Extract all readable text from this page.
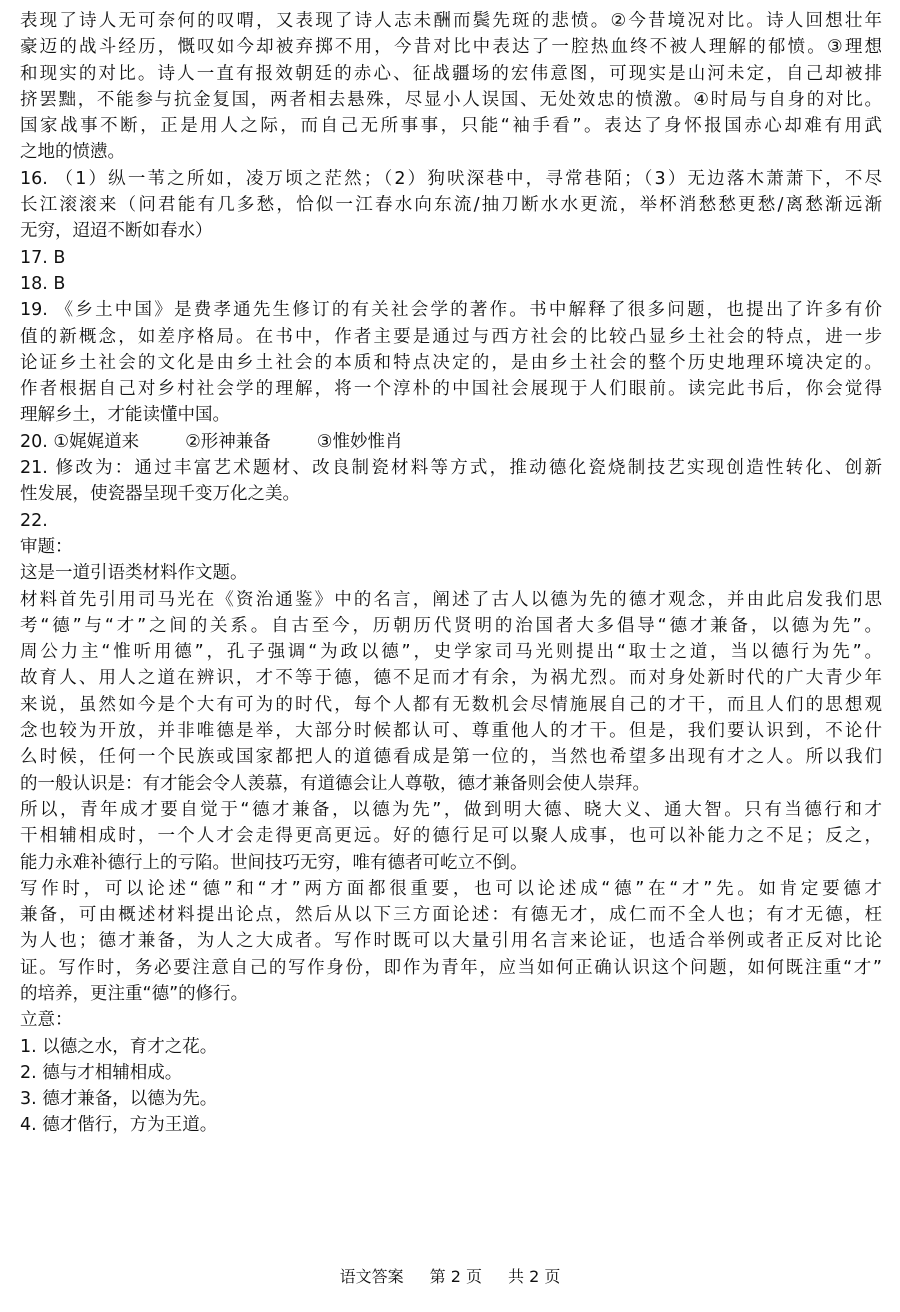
表现了诗人无可奈何的叹喟，又表现了诗人志未酬而鬓先斑的悲愤。②今昔境况对比。诗人回想壮年
豪迈的战斗经历，慨叹如今却被弃掷不用，今昔对比中表达了一腔热血终不被人理解的郁愤。③理想
和现实的对比。诗人一直有报效朝廷的赤心、征战疆场的宏伟意图，可现实是山河未定，自己却被排
挤罢黜，不能参与抗金复国，两者相去悬殊，尽显小人误国、无处效忠的愤激。④时局与自身的对比。
国家战事不断，正是用人之际，而自己无所事事，只能“袖手看”。表达了身怀报国赤心却难有用武
之地的愤懑。
16. （1）纵一苇之所如，凌万顷之茫然；（2）狗吠深巷中，寻常巷陌；（3）无边落木萧萧下，不尽
长江滚滚来（问君能有几多愁，恰似一江春水向东流/抽刀断水水更流，举杯消愁愁更愁/离愁渐远渐
无穷，迢迢不断如春水）
17. B
18. B
19. 《乡土中国》是费孝通先生修订的有关社会学的著作。书中解释了很多问题，也提出了许多有价
值的新概念，如差序格局。在书中，作者主要是通过与西方社会的比较凸显乡土社会的特点，进一步
论证乡土社会的文化是由乡土社会的本质和特点决定的，是由乡土社会的整个历史地理环境决定的。
作者根据自己对乡村社会学的理解，将一个淳朴的中国社会展现于人们眼前。读完此书后，你会觉得
理解乡土，才能读懂中国。
20. ①娓娓道来	②形神兼备	③惟妙惟肖
21. 修改为：通过丰富艺术题材、改良制瓷材料等方式，推动德化瓷烧制技艺实现创造性转化、创新
性发展，使瓷器呈现千变万化之美。
22.
审题：
这是一道引语类材料作文题。
材料首先引用司马光在《资治通鉴》中的名言，阐述了古人以德为先的德才观念，并由此启发我们思
考“德”与“才”之间的关系。自古至今，历朝历代贤明的治国者大多倡导“德才兼备，以德为先”。
周公力主“惟听用德”，孔子强调“为政以德”，史学家司马光则提出“取士之道，当以德行为先”。
故育人、用人之道在辨识，才不等于德，德不足而才有余，为祸尤烈。而对身处新时代的广大青少年
来说，虽然如今是个大有可为的时代，每个人都有无数机会尽情施展自己的才干，而且人们的思想观
念也较为开放，并非唯德是举，大部分时候都认可、尊重他人的才干。但是，我们要认识到，不论什
么时候，任何一个民族或国家都把人的道德看成是第一位的，当然也希望多出现有才之人。所以我们
的一般认识是：有才能会令人羡慕，有道德会让人尊敬，德才兼备则会使人崇拜。
所以，青年成才要自觉于“德才兼备，以德为先”，做到明大德、晓大义、通大智。只有当德行和才
干相辅相成时，一个人才会走得更高更远。好的德行足可以聚人成事，也可以补能力之不足；反之，
能力永难补德行上的亏陷。世间技巧无穷，唯有德者可屹立不倒。
写作时，可以论述“德”和“才”两方面都很重要，也可以论述成“德”在“才”先。如肯定要德才
兼备，可由概述材料提出论点，然后从以下三方面论述：有德无才，成仁而不全人也；有才无德，枉
为人也；德才兼备，为人之大成者。写作时既可以大量引用名言来论证，也适合举例或者正反对比论
证。写作时，务必要注意自己的写作身份，即作为青年，应当如何正确认识这个问题，如何既注重“才”
的培养，更注重“德”的修行。
立意：
1. 以德之水，育才之花。
2. 德与才相辅相成。
3. 德才兼备，以德为先。
4. 德才偕行，方为王道。
语文答案 第 2 页 共 2 页
